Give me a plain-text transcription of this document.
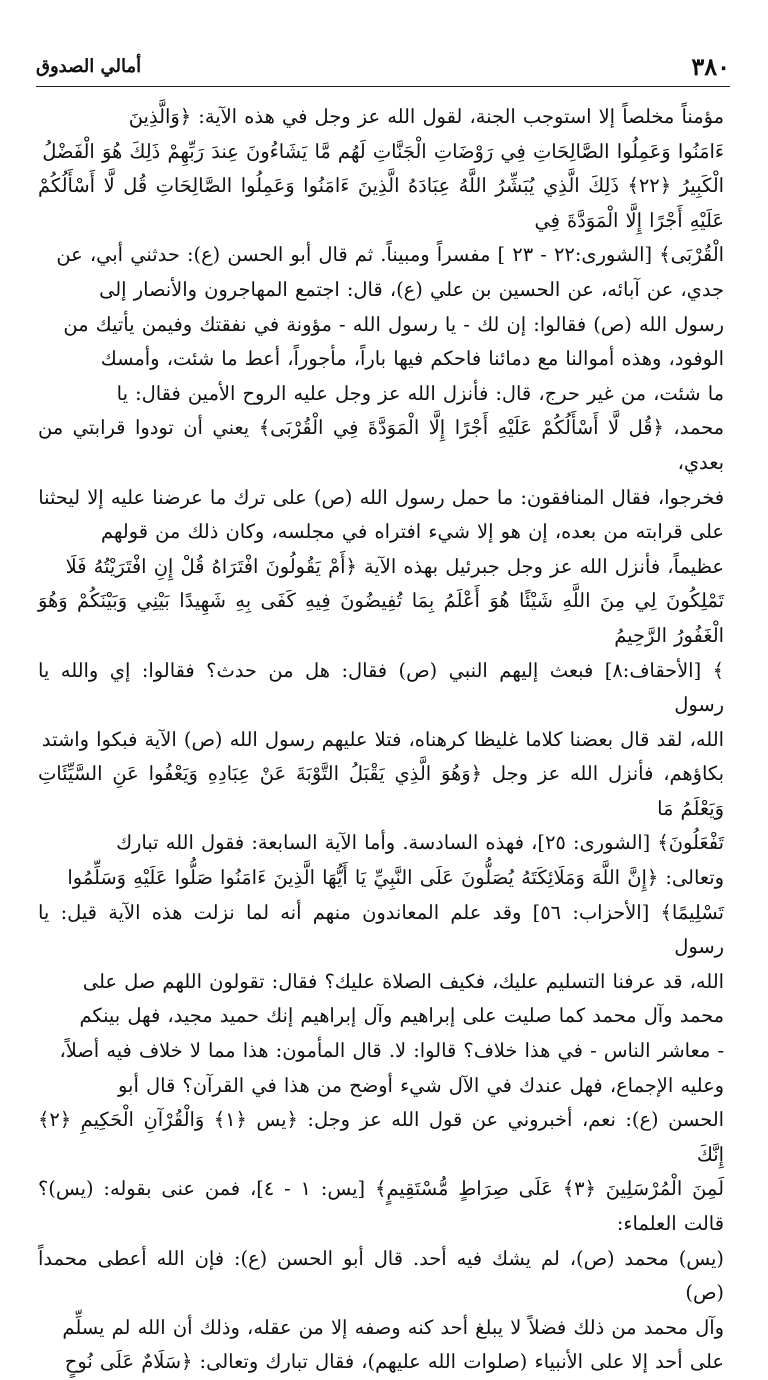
٣٨٠
أمالي الصدوق

مؤمناً مخلصاً إلا استوجب الجنة، لقول الله عز وجل في هذه الآية: ﴿وَالَّذِينَ

ءَامَنُوا وَعَمِلُوا الصَّالِحَاتِ فِي رَوْضَاتِ الْجَنَّاتِ لَهُم مَّا يَشَاءُونَ عِندَ رَبِّهِمْ ذَلِكَ هُوَ الْفَضْلُ

الْكَبِيرُ ﴿٢٢﴾ ذَلِكَ الَّذِي يُبَشِّرُ اللَّهُ عِبَادَهُ الَّذِينَ ءَامَنُوا وَعَمِلُوا الصَّالِحَاتِ قُل لَّا أَسْأَلُكُمْ عَلَيْهِ أَجْرًا إِلَّا الْمَوَدَّةَ فِي

الْقُرْبَى﴾ [الشورى:٢٢ - ٢٣ ] مفسراً ومبيناً. ثم قال أبو الحسن (ع): حدثني أبي، عن

جدي، عن آبائه، عن الحسين بن علي (ع)، قال: اجتمع المهاجرون والأنصار إلى

رسول الله (ص) فقالوا: إن لك - يا رسول الله - مؤونة في نفقتك وفيمن يأتيك من

الوفود، وهذه أموالنا مع دمائنا فاحكم فيها باراً، مأجوراً، أعط ما شئت، وأمسك

ما شئت، من غير حرج، قال: فأنزل الله عز وجل عليه الروح الأمين فقال: يا

محمد، ﴿قُل لَّا أَسْأَلُكُمْ عَلَيْهِ أَجْرًا إِلَّا الْمَوَدَّةَ فِي الْقُرْبَى﴾ يعني أن تودوا قرابتي من بعدي،

فخرجوا، فقال المنافقون: ما حمل رسول الله (ص) على ترك ما عرضنا عليه إلا ليحثنا

على قرابته من بعده، إن هو إلا شيء افتراه في مجلسه، وكان ذلك من قولهم

عظيماً، فأنزل الله عز وجل جبرئيل بهذه الآية ﴿أَمْ يَقُولُونَ افْتَرَاهُ قُلْ إِنِ افْتَرَيْتُهُ فَلَا

تَمْلِكُونَ لِي مِنَ اللَّهِ شَيْئًا هُوَ أَعْلَمُ بِمَا تُفِيضُونَ فِيهِ كَفَى بِهِ شَهِيدًا بَيْنِي وَبَيْنَكُمْ وَهُوَ الْغَفُورُ الرَّحِيمُ

﴾ [الأحقاف:٨] فبعث إليهم النبي (ص) فقال: هل من حدث؟ فقالوا: إي والله يا رسول

الله، لقد قال بعضنا كلاما غليظا كرهناه، فتلا عليهم رسول الله (ص) الآية فبكوا واشتد

بكاؤهم، فأنزل الله عز وجل ﴿وَهُوَ الَّذِي يَقْبَلُ التَّوْبَةَ عَنْ عِبَادِهِ وَيَعْفُوا عَنِ السَّيِّئَاتِ وَيَعْلَمُ مَا

تَفْعَلُونَ﴾ [الشورى: ٢٥]، فهذه السادسة. وأما الآية السابعة: فقول الله تبارك

وتعالى: ﴿إِنَّ اللَّهَ وَمَلَائِكَتَهُ يُصَلُّونَ عَلَى النَّبِيِّ يَا أَيُّهَا الَّذِينَ ءَامَنُوا صَلُّوا عَلَيْهِ وَسَلِّمُوا

تَسْلِيمًا﴾ [الأحزاب: ٥٦] وقد علم المعاندون منهم أنه لما نزلت هذه الآية قيل: يا رسول

الله، قد عرفنا التسليم عليك، فكيف الصلاة عليك؟ فقال: تقولون اللهم صل على

محمد وآل محمد كما صليت على إبراهيم وآل إبراهيم إنك حميد مجيد، فهل بينكم

- معاشر الناس - في هذا خلاف؟ قالوا: لا. قال المأمون: هذا مما لا خلاف فيه أصلاً،

وعليه الإجماع، فهل عندك في الآل شيء أوضح من هذا في القرآن؟ قال أبو

الحسن (ع): نعم، أخبروني عن قول الله عز وجل: ﴿يس ﴿١﴾ وَالْقُرْآنِ الْحَكِيمِ ﴿٢﴾ إِنَّكَ

لَمِنَ الْمُرْسَلِينَ ﴿٣﴾ عَلَى صِرَاطٍ مُّسْتَقِيمٍ﴾ [يس: ١ - ٤]، فمن عنى بقوله: (يس)؟ قالت العلماء:

(يس) محمد (ص)، لم يشك فيه أحد. قال أبو الحسن (ع): فإن الله أعطى محمداً (ص)

وآل محمد من ذلك فضلاً لا يبلغ أحد كنه وصفه إلا من عقله، وذلك أن الله لم يسلِّم

على أحد إلا على الأنبياء (صلوات الله عليهم)، فقال تبارك وتعالى: ﴿سَلَامٌ عَلَى نُوحٍ
